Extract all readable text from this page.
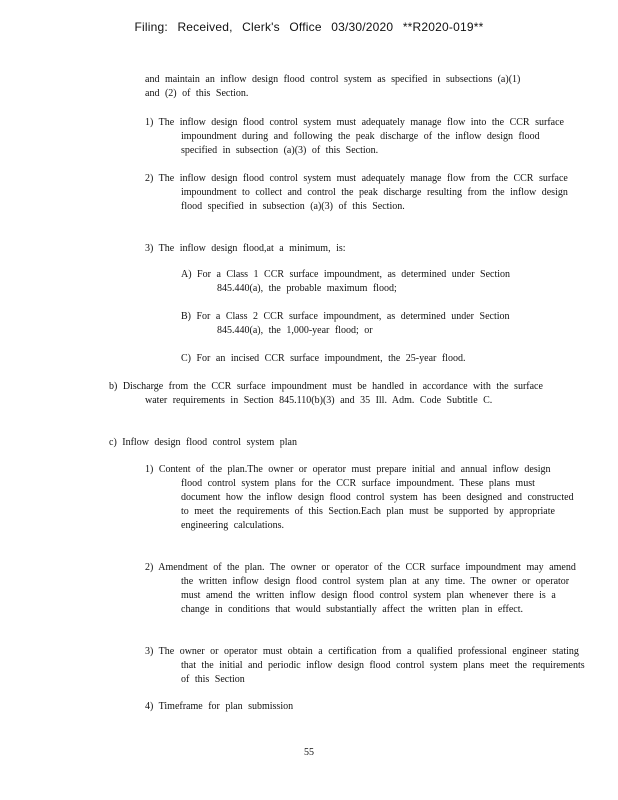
Filing: Received, Clerk's Office 03/30/2020 **R2020-019**

and maintain an inflow design flood control system as specified in subsections (a)(1) and (2) of this Section.

1) The inflow design flood control system must adequately manage flow into the CCR surface impoundment during and following the peak discharge of the inflow design flood specified in subsection (a)(3) of this Section.

2) The inflow design flood control system must adequately manage flow from the CCR surface impoundment to collect and control the peak discharge resulting from the inflow design flood specified in subsection (a)(3) of this Section.

3) The inflow design flood,at a minimum, is:

A) For a Class 1 CCR surface impoundment, as determined under Section 845.440(a), the probable maximum flood;

B) For a Class 2 CCR surface impoundment, as determined under Section 845.440(a), the 1,000-year flood; or

C) For an incised CCR surface impoundment, the 25-year flood.

b) Discharge from the CCR surface impoundment must be handled in accordance with the surface water requirements in Section 845.110(b)(3) and 35 Ill. Adm. Code Subtitle C.

c) Inflow design flood control system plan

1) Content of the plan.The owner or operator must prepare initial and annual inflow design flood control system plans for the CCR surface impoundment. These plans must document how the inflow design flood control system has been designed and constructed to meet the requirements of this Section.Each plan must be supported by appropriate engineering calculations.

2) Amendment of the plan. The owner or operator of the CCR surface impoundment may amend the written inflow design flood control system plan at any time. The owner or operator must amend the written inflow design flood control system plan whenever there is a change in conditions that would substantially affect the written plan in effect.

3) The owner or operator must obtain a certification from a qualified professional engineer stating that the initial and periodic inflow design flood control system plans meet the requirements of this Section

4) Timeframe for plan submission

55
